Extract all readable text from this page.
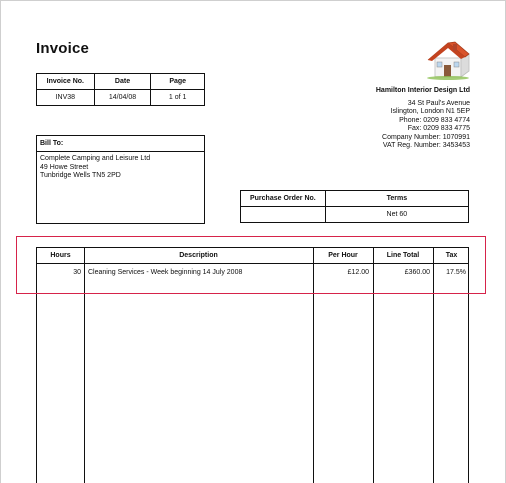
Invoice
Invoice No.	Date	Page
INV38	14/04/08	1 of 1
Hamilton Interior Design Ltd
34 St Paul's Avenue
Islington, London N1 5EP
Phone: 0209 833 4774
Fax: 0209 833 4775
Company Number: 1070991
VAT Reg. Number: 3453453
Bill To:
Complete Camping and Leisure Ltd
49 Howe Street
Tunbridge Wells TN5 2PD
Purchase Order No.	Terms
	Net 60
Hours	Description	Per Hour	Line Total	Tax
30 Cleaning Services - Week beginning 14 July 2008	£12.00	£360.00	17.5%
